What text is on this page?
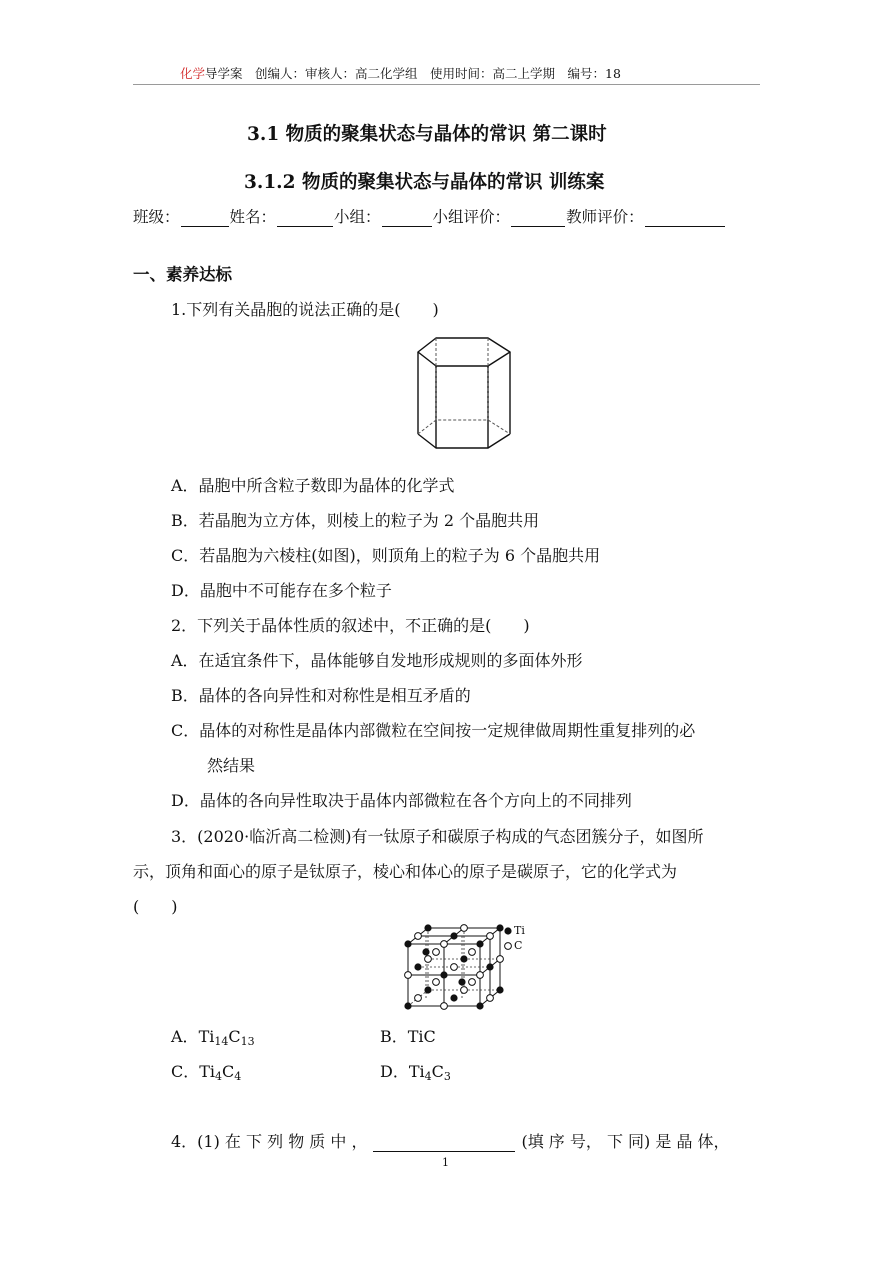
化学导学案　创编人：审核人：高二化学组　使用时间：高二上学期　编号：18
3.1 物质的聚集状态与晶体的常识 第二课时
3.1.2 物质的聚集状态与晶体的常识 训练案
班级：	姓名：	小组：	小组评价：	教师评价：
一、素养达标
1.下列有关晶胞的说法正确的是(　　)
A．晶胞中所含粒子数即为晶体的化学式
B．若晶胞为立方体，则棱上的粒子为 2 个晶胞共用
C．若晶胞为六棱柱(如图)，则顶角上的粒子为 6 个晶胞共用
D．晶胞中不可能存在多个粒子
2．下列关于晶体性质的叙述中，不正确的是(　　)
A．在适宜条件下，晶体能够自发地形成规则的多面体外形
B．晶体的各向异性和对称性是相互矛盾的
C．晶体的对称性是晶体内部微粒在空间按一定规律做周期性重复排列的必
然结果
D．晶体的各向异性取决于晶体内部微粒在各个方向上的不同排列
3．(2020·临沂高二检测)有一钛原子和碳原子构成的气态团簇分子，如图所
示，顶角和面心的原子是钛原子，棱心和体心的原子是碳原子，它的化学式为
(　　)
Ti
C
A．$Ti_{14}C_{13}$	B．TiC
C．$Ti_4C_4$	D．$Ti_4C_3$
4．(1) 在 下 列 物 质 中 ，	(填 序 号， 下 同) 是 晶 体，
1
